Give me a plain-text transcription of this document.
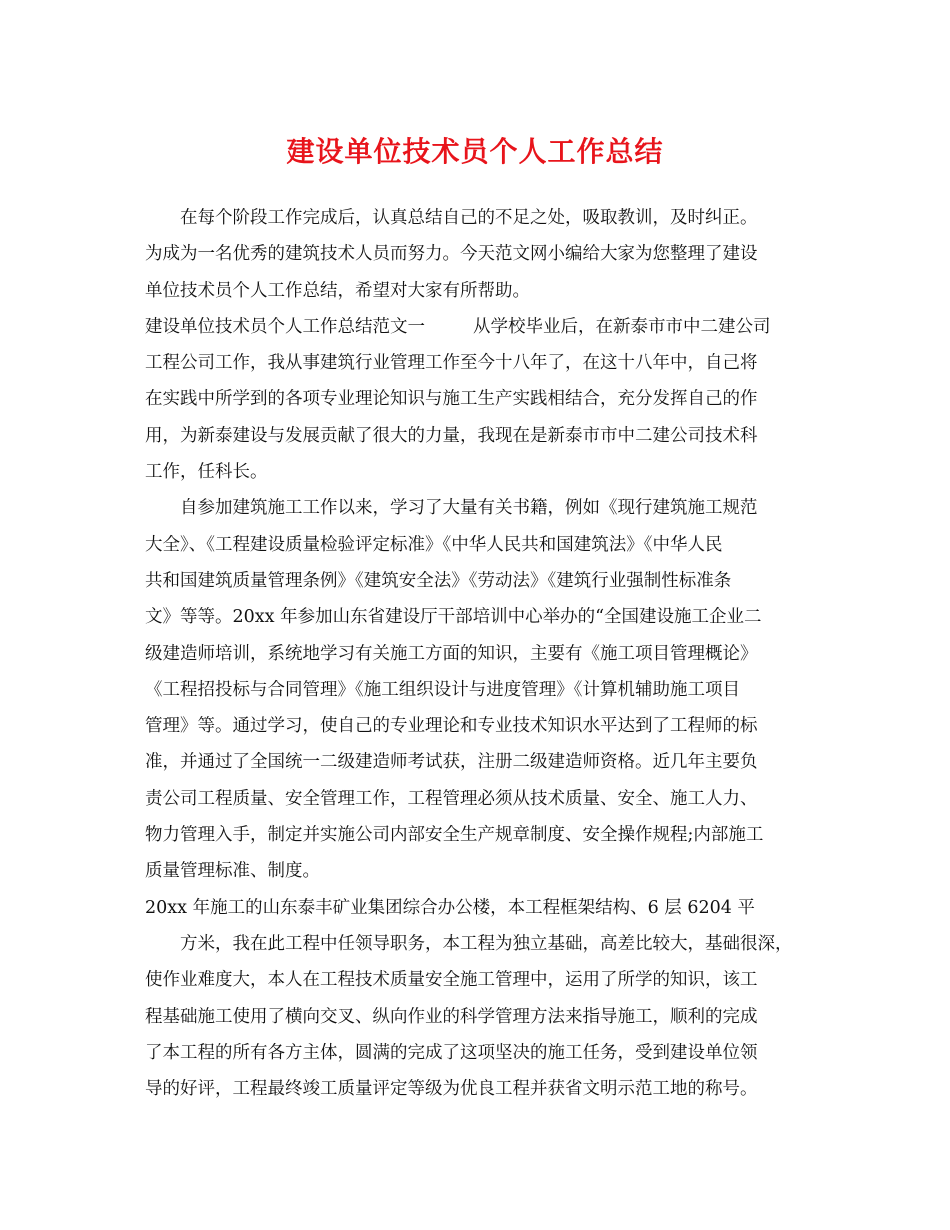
建设单位技术员个人工作总结
在每个阶段工作完成后，认真总结自己的不足之处，吸取教训，及时纠正。
为成为一名优秀的建筑技术人员而努力。今天范文网小编给大家为您整理了建设
单位技术员个人工作总结，希望对大家有所帮助。
建设单位技术员个人工作总结范文一	从学校毕业后，在新泰市市中二建公司
工程公司工作，我从事建筑行业管理工作至今十八年了，在这十八年中，自己将
在实践中所学到的各项专业理论知识与施工生产实践相结合，充分发挥自己的作
用，为新泰建设与发展贡献了很大的力量，我现在是新泰市市中二建公司技术科
工作，任科长。
自参加建筑施工工作以来，学习了大量有关书籍，例如《现行建筑施工规范
大全》、《工程建设质量检验评定标准》《中华人民共和国建筑法》《中华人民
共和国建筑质量管理条例》《建筑安全法》《劳动法》《建筑行业强制性标准条
文》等等。20xx 年参加山东省建设厅干部培训中心举办的“全国建设施工企业二
级建造师培训，系统地学习有关施工方面的知识，主要有《施工项目管理概论》
《工程招投标与合同管理》《施工组织设计与进度管理》《计算机辅助施工项目
管理》等。通过学习，使自己的专业理论和专业技术知识水平达到了工程师的标
准，并通过了全国统一二级建造师考试获，注册二级建造师资格。近几年主要负
责公司工程质量、安全管理工作，工程管理必须从技术质量、安全、施工人力、
物力管理入手，制定并实施公司内部安全生产规章制度、安全操作规程;内部施工
质量管理标准、制度。
20xx 年施工的山东泰丰矿业集团综合办公楼，本工程框架结构、6 层 6204 平
方米，我在此工程中任领导职务，本工程为独立基础，高差比较大，基础很深，
使作业难度大，本人在工程技术质量安全施工管理中，运用了所学的知识，该工
程基础施工使用了横向交叉、纵向作业的科学管理方法来指导施工，顺利的完成
了本工程的所有各方主体，圆满的完成了这项坚决的施工任务，受到建设单位领
导的好评，工程最终竣工质量评定等级为优良工程并获省文明示范工地的称号。
